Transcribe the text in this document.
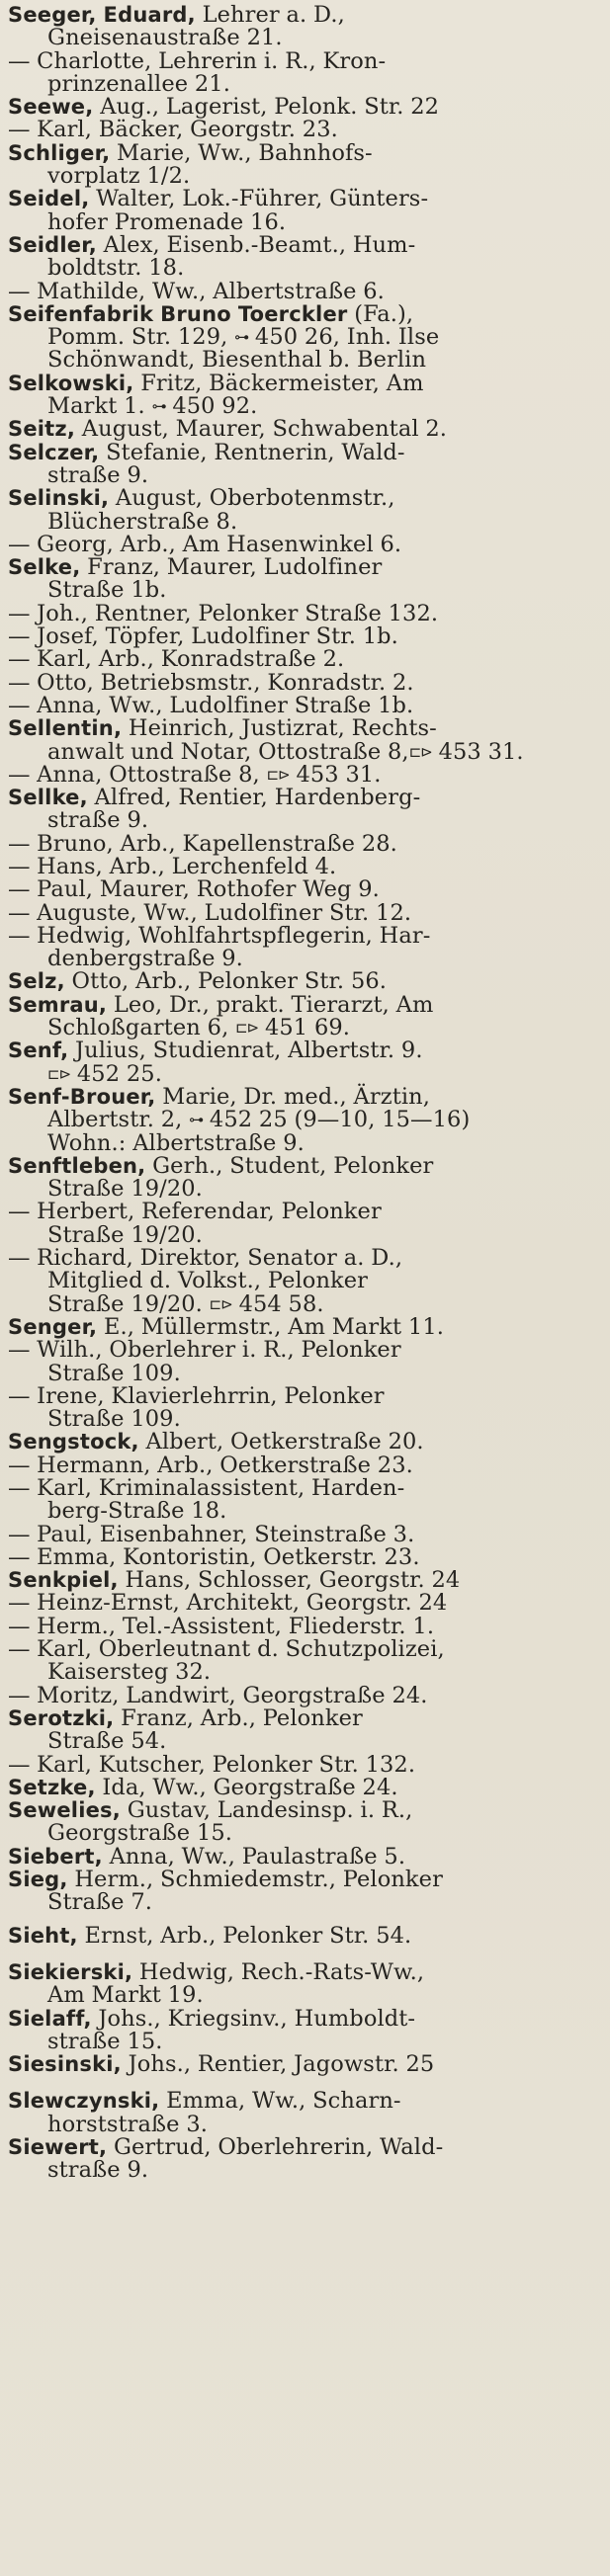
Seeger, Eduard, Lehrer a. D.,
Gneisenaustraße 21.
— Charlotte, Lehrerin i. R., Kron-
prinzenallee 21.
Seewe, Aug., Lagerist, Pelonk. Str. 22
— Karl, Bäcker, Georgstr. 23.
Schliger, Marie, Ww., Bahnhofs-
vorplatz 1/2.
Seidel, Walter, Lok.-Führer, Günters-
hofer Promenade 16.
Seidler, Alex, Eisenb.-Beamt., Hum-
boldtstr. 18.
— Mathilde, Ww., Albertstraße 6.
Seifenfabrik Bruno Toerckler (Fa.),
Pomm. Str. 129, ⊶ 450 26, Inh. Ilse
Schönwandt, Biesenthal b. Berlin
Selkowski, Fritz, Bäckermeister, Am
Markt 1. ⊶ 450 92.
Seitz, August, Maurer, Schwabental 2.
Selczer, Stefanie, Rentnerin, Wald-
straße 9.
Selinski, August, Oberbotenmstr.,
Blücherstraße 8.
— Georg, Arb., Am Hasenwinkel 6.
Selke, Franz, Maurer, Ludolfiner
Straße 1b.
— Joh., Rentner, Pelonker Straße 132.
— Josef, Töpfer, Ludolfiner Str. 1b.
— Karl, Arb., Konradstraße 2.
— Otto, Betriebsmstr., Konradstr. 2.
— Anna, Ww., Ludolfiner Straße 1b.
Sellentin, Heinrich, Justizrat, Rechts-
anwalt und Notar, Ottostraße 8,⊏⊳ 453 31.
— Anna, Ottostraße 8, ⊏⊳ 453 31.
Sellke, Alfred, Rentier, Hardenberg-
straße 9.
— Bruno, Arb., Kapellenstraße 28.
— Hans, Arb., Lerchenfeld 4.
— Paul, Maurer, Rothofer Weg 9.
— Auguste, Ww., Ludolfiner Str. 12.
— Hedwig, Wohlfahrtspflegerin, Har-
denbergstraße 9.
Selz, Otto, Arb., Pelonker Str. 56.
Semrau, Leo, Dr., prakt. Tierarzt, Am
Schloßgarten 6, ⊏⊳ 451 69.
Senf, Julius, Studienrat, Albertstr. 9.
⊏⊳ 452 25.
Senf-Brouer, Marie, Dr. med., Ärztin,
Albertstr. 2, ⊶ 452 25 (9—10, 15—16)
Wohn.: Albertstraße 9.
Senftleben, Gerh., Student, Pelonker
Straße 19/20.
— Herbert, Referendar, Pelonker
Straße 19/20.
— Richard, Direktor, Senator a. D.,
Mitglied d. Volkst., Pelonker
Straße 19/20. ⊏⊳ 454 58.
Senger, E., Müllermstr., Am Markt 11.
— Wilh., Oberlehrer i. R., Pelonker
Straße 109.
— Irene, Klavierlehrrin, Pelonker
Straße 109.
Sengstock, Albert, Oetkerstraße 20.
— Hermann, Arb., Oetkerstraße 23.
— Karl, Kriminalassistent, Harden-
berg-Straße 18.
— Paul, Eisenbahner, Steinstraße 3.
— Emma, Kontoristin, Oetkerstr. 23.
Senkpiel, Hans, Schlosser, Georgstr. 24
— Heinz-Ernst, Architekt, Georgstr. 24
— Herm., Tel.-Assistent, Fliederstr. 1.
— Karl, Oberleutnant d. Schutzpolizei,
Kaisersteg 32.
— Moritz, Landwirt, Georgstraße 24.
Serotzki, Franz, Arb., Pelonker
Straße 54.
— Karl, Kutscher, Pelonker Str. 132.
Setzke, Ida, Ww., Georgstraße 24.
Sewelies, Gustav, Landesinsp. i. R.,
Georgstraße 15.
Siebert, Anna, Ww., Paulastraße 5.
Sieg, Herm., Schmiedemstr., Pelonker
Straße 7.
Sieht, Ernst, Arb., Pelonker Str. 54.
Siekierski, Hedwig, Rech.-Rats-Ww.,
Am Markt 19.
Sielaff, Johs., Kriegsinv., Humboldt-
straße 15.
Siesinski, Johs., Rentier, Jagowstr. 25
Slewczynski, Emma, Ww., Scharn-
horststraße 3.
Siewert, Gertrud, Oberlehrerin, Wald-
straße 9.
